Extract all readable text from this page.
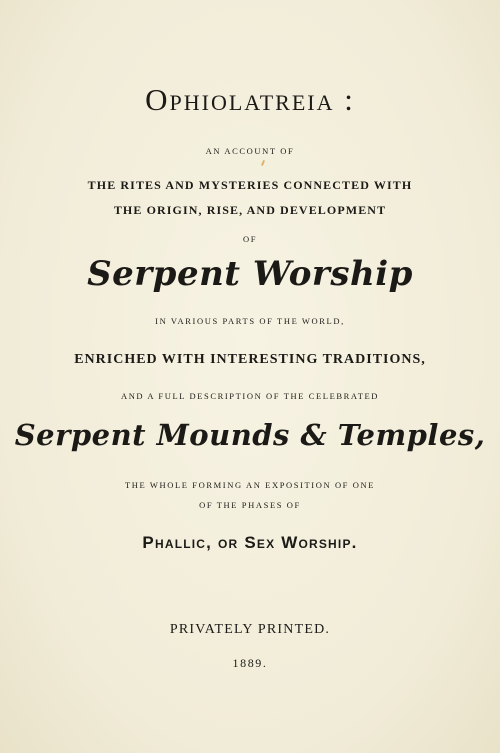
Ophiolatreia :
AN ACCOUNT OF
THE RITES AND MYSTERIES CONNECTED WITH
THE ORIGIN, RISE, AND DEVELOPMENT
OF
Serpent Worship
IN VARIOUS PARTS OF THE WORLD,
ENRICHED WITH INTERESTING TRADITIONS,
AND A FULL DESCRIPTION OF THE CELEBRATED
Serpent Mounds & Temples,
THE WHOLE FORMING AN EXPOSITION OF ONE
OF THE PHASES OF
Phallic, or Sex Worship.
PRIVATELY PRINTED.
1889.
